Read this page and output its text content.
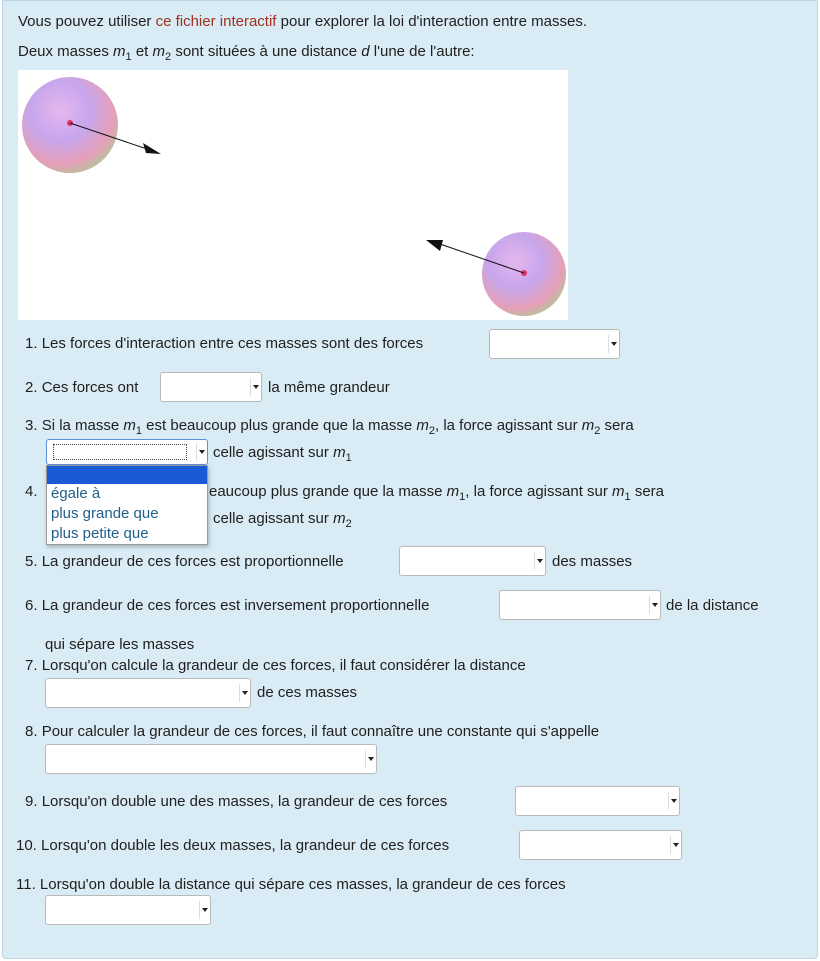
Vous pouvez utiliser ce fichier interactif pour explorer la loi d'interaction entre masses.
Deux masses $m_1$ et $m_2$ sont situées à une distance d l'une de l'autre:
1. Les forces d'interaction entre ces masses sont des forces
2. Ces forces ont	la même grandeur
3. Si la masse $m_1$ est beaucoup plus grande que la masse $m_2$, la force agissant sur $m_2$ sera
celle agissant sur $m_1$
4.	eaucoup plus grande que la masse $m_1$, la force agissant sur $m_1$ sera
celle agissant sur $m_2$
5. La grandeur de ces forces est proportionnelle	des masses
6. La grandeur de ces forces est inversement proportionnelle	de la distance
qui sépare les masses
7. Lorsqu'on calcule la grandeur de ces forces, il faut considérer la distance
de ces masses
8. Pour calculer la grandeur de ces forces, il faut connaître une constante qui s'appelle
9. Lorsqu'on double une des masses, la grandeur de ces forces
10. Lorsqu'on double les deux masses, la grandeur de ces forces
11. Lorsqu'on double la distance qui sépare ces masses, la grandeur de ces forces
égale à
plus grande que
plus petite que
